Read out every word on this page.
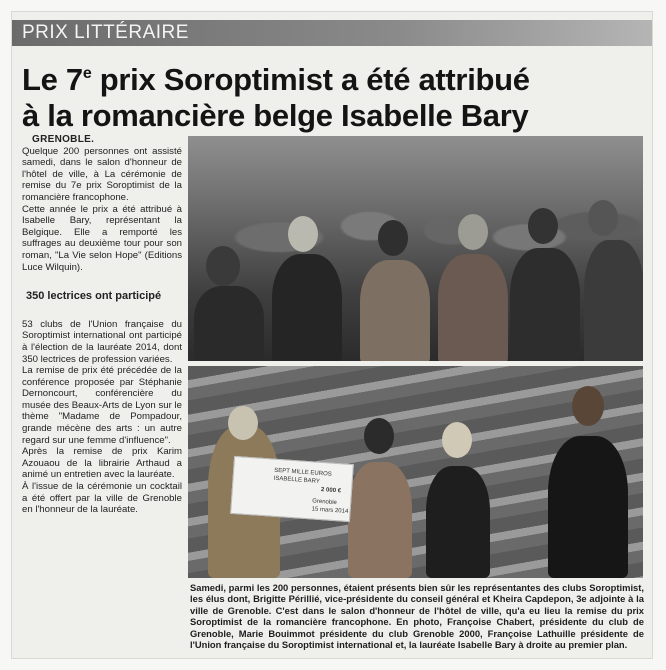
PRIX LITTÉRAIRE
Le 7e prix Soroptimist a été attribué
à la romancière belge Isabelle Bary
GRENOBLE.

Quelque 200 personnes ont assisté samedi, dans le salon d'honneur de l'hôtel de ville, à La cérémonie de remise du 7e prix Soroptimist de la romancière francophone.

Cette année le prix a été attribué à Isabelle Bary, représentant la Belgique. Elle a remporté les suffrages au deuxième tour pour son roman, "La Vie selon Hope" (Editions Luce Wilquin).

350 lectrices ont participé

53 clubs de l'Union française du Soroptimist international ont participé à l'élection de la lauréate 2014, dont 350 lectrices de profession variées.

La remise de prix été précédée de la conférence proposée par Stéphanie Dernoncourt, conférencière du musée des Beaux-Arts de Lyon sur le thème "Madame de Pompadour, grande mécène des arts : un autre regard sur une femme d'influence".

Après la remise de prix Karim Azouaou de la librairie Arthaud a animé un entretien avec la lauréate.

À l'issue de la cérémonie un cocktail a été offert par la ville de Grenoble en l'honneur de la lauréate.

SEPT MILLE EUROS
ISABELLE BARY
2 000 €
Grenoble
15 mars 2014
Samedi, parmi les 200 personnes, étaient présents bien sûr les représentantes des clubs Soroptimist, les élus dont, Brigitte Périllié, vice-présidente du conseil général et Kheira Capdepon, 3e adjointe à la ville de Grenoble. C'est dans le salon d'honneur de l'hôtel de ville, qu'a eu lieu la remise du prix Soroptimist de la romancière francophone. En photo, Françoise Chabert, présidente du club de Grenoble, Marie Bouimmot présidente du club Grenoble 2000, Françoise Lathuille présidente de l'Union française du Soroptimist international et, la lauréate Isabelle Bary à droite au premier plan.
